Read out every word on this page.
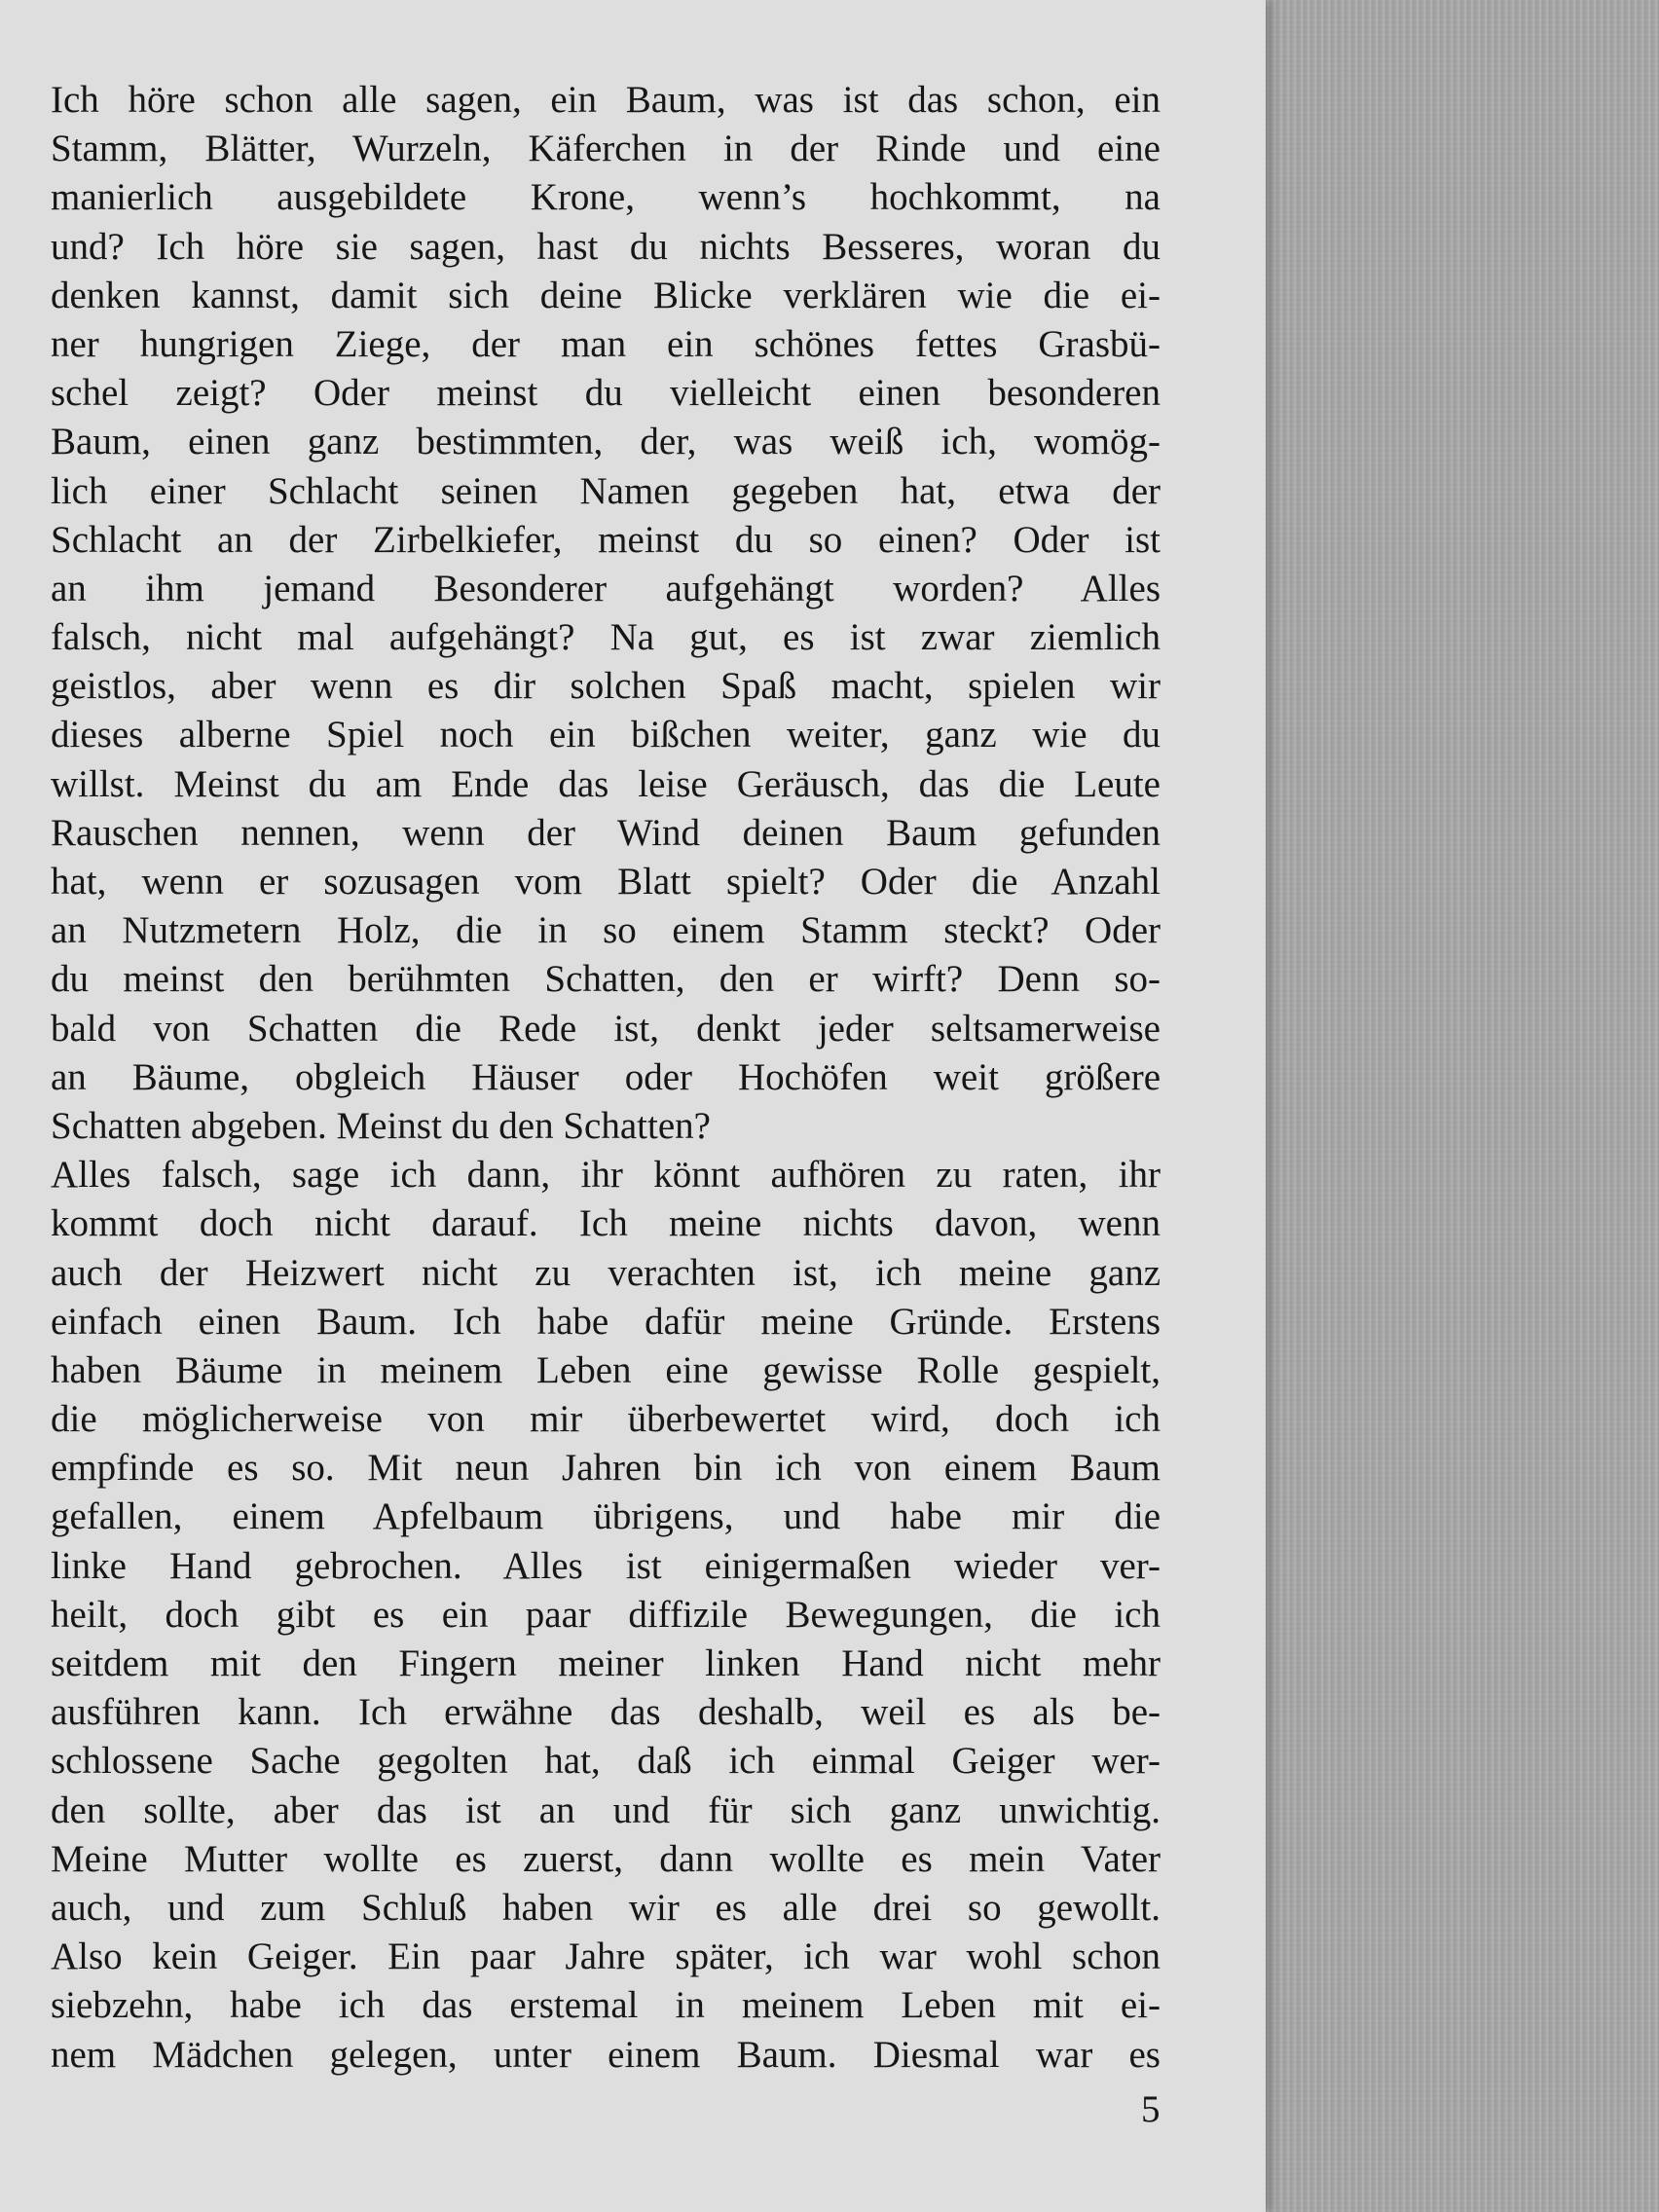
Ich höre schon alle sagen, ein Baum, was ist das schon, ein
Stamm, Blätter, Wurzeln, Käferchen in der Rinde und eine
manierlich ausgebildete Krone, wenn’s hochkommt, na
und? Ich höre sie sagen, hast du nichts Besseres, woran du
denken kannst, damit sich deine Blicke verklären wie die ei-
ner hungrigen Ziege, der man ein schönes fettes Grasbü-
schel zeigt? Oder meinst du vielleicht einen besonderen
Baum, einen ganz bestimmten, der, was weiß ich, womög-
lich einer Schlacht seinen Namen gegeben hat, etwa der
Schlacht an der Zirbelkiefer, meinst du so einen? Oder ist
an ihm jemand Besonderer aufgehängt worden? Alles
falsch, nicht mal aufgehängt? Na gut, es ist zwar ziemlich
geistlos, aber wenn es dir solchen Spaß macht, spielen wir
dieses alberne Spiel noch ein bißchen weiter, ganz wie du
willst. Meinst du am Ende das leise Geräusch, das die Leute
Rauschen nennen, wenn der Wind deinen Baum gefunden
hat, wenn er sozusagen vom Blatt spielt? Oder die Anzahl
an Nutzmetern Holz, die in so einem Stamm steckt? Oder
du meinst den berühmten Schatten, den er wirft? Denn so-
bald von Schatten die Rede ist, denkt jeder seltsamerweise
an Bäume, obgleich Häuser oder Hochöfen weit größere
Schatten abgeben. Meinst du den Schatten?
Alles falsch, sage ich dann, ihr könnt aufhören zu raten, ihr
kommt doch nicht darauf. Ich meine nichts davon, wenn
auch der Heizwert nicht zu verachten ist, ich meine ganz
einfach einen Baum. Ich habe dafür meine Gründe. Erstens
haben Bäume in meinem Leben eine gewisse Rolle gespielt,
die möglicherweise von mir überbewertet wird, doch ich
empfinde es so. Mit neun Jahren bin ich von einem Baum
gefallen, einem Apfelbaum übrigens, und habe mir die
linke Hand gebrochen. Alles ist einigermaßen wieder ver-
heilt, doch gibt es ein paar diffizile Bewegungen, die ich
seitdem mit den Fingern meiner linken Hand nicht mehr
ausführen kann. Ich erwähne das deshalb, weil es als be-
schlossene Sache gegolten hat, daß ich einmal Geiger wer-
den sollte, aber das ist an und für sich ganz unwichtig.
Meine Mutter wollte es zuerst, dann wollte es mein Vater
auch, und zum Schluß haben wir es alle drei so gewollt.
Also kein Geiger. Ein paar Jahre später, ich war wohl schon
siebzehn, habe ich das erstemal in meinem Leben mit ei-
nem Mädchen gelegen, unter einem Baum. Diesmal war es
5
